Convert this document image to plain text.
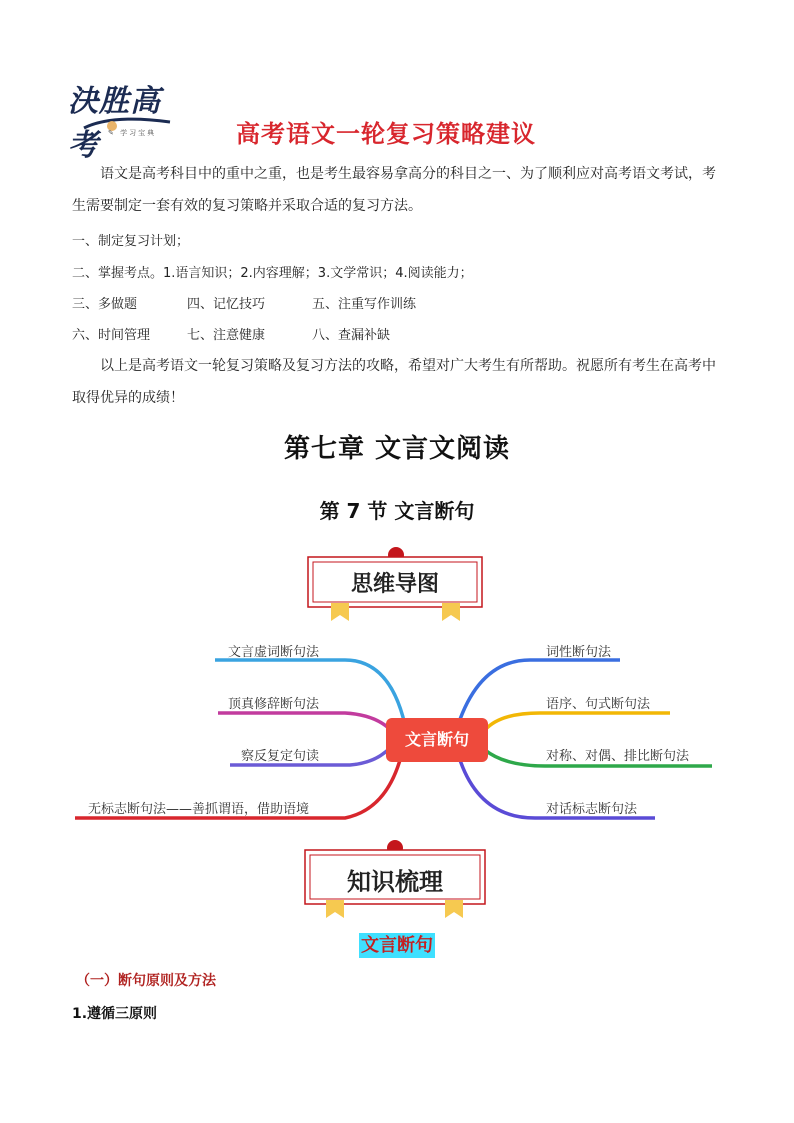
決胜高考	✎ 学习宝典	高考语文一轮复习策略建议
语文是高考科目中的重中之重，也是考生最容易拿高分的科目之一、为了顺利应对高考语文考试，考
生需要制定一套有效的复习策略并采取合适的复习方法。
一、制定复习计划；
二、掌握考点。1.语言知识；2.内容理解；3.文学常识；4.阅读能力；
三、多做题	四、记忆技巧	五、注重写作训练
六、时间管理	七、注意健康	八、查漏补缺
以上是高考语文一轮复习策略及复习方法的攻略，希望对广大考生有所帮助。祝愿所有考生在高考中
取得优异的成绩！
第七章 文言文阅读
第 7 节 文言断句
思维导图
文言断句
文言虚词断句法
顶真修辞断句法
察反复定句读
无标志断句法——善抓谓语，借助语境
词性断句法
语序、句式断句法
对称、对偶、排比断句法
对话标志断句法
知识梳理
文言断句
（一）断句原则及方法
1.遵循三原则
